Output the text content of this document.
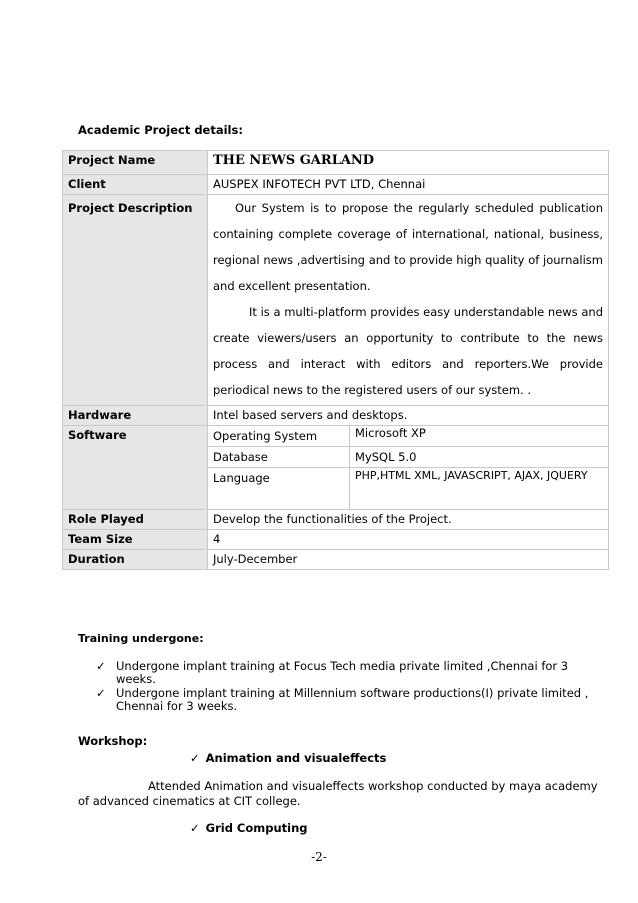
Academic Project details:
Project Name	THE NEWS GARLAND
Client	AUSPEX INFOTECH PVT LTD, Chennai
Project Description	Our System is to propose the regularly scheduled publication containing complete coverage of international, national, business, regional news ,advertising and to provide high quality of journalism and excellent presentation.

It is a multi-platform provides easy understandable news and create viewers/users an opportunity to contribute to the news process and interact with editors and reporters.We provide periodical news to the registered users of our system. .

Hardware	Intel based servers and desktops.
Software		Operating System	Microsoft XP
Database	MySQL 5.0
Language	PHP,HTML XML, JAVASCRIPT, AJAX, JQUERY

Role Played	Develop the functionalities of the Project.
Team Size	4
Duration	July-December
Training undergone:
✓ Undergone implant training at Focus Tech media private limited ,Chennai for 3 weeks.
✓ Undergone implant training at Millennium software productions(I) private limited , Chennai for 3 weeks.
Workshop:
✓ Animation and visualeffects
Attended Animation and visualeffects workshop conducted by maya academy of advanced cinematics at CIT college.
✓ Grid Computing
-2-
